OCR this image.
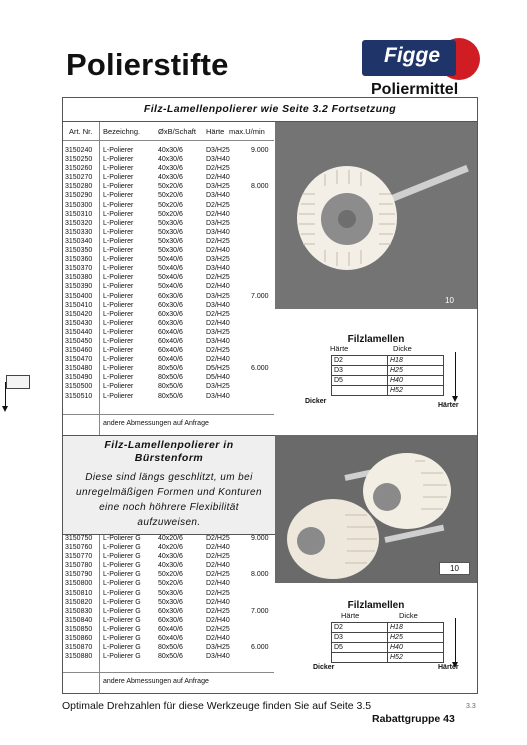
Polierstifte	Figge
Poliermittel
Filz-Lamellenpolierer wie Seite 3.2 Fortsetzung
Art. Nr. Bezeichng. ØxB/Schaft Härte max.U/min
3150240 L-Polierer	40x30/6	D3/H25	9.000
3150250 L-Polierer	40x30/6	D3/H40
3150260 L-Polierer	40x30/6	D2/H25
3150270 L-Polierer	40x30/6	D2/H40
3150280 L-Polierer	50x20/6	D3/H25	8.000
3150290 L-Polierer	50x20/6	D3/H40
3150300 L-Polierer	50x20/6	D2/H25
3150310 L-Polierer	50x20/6	D2/H40
3150320 L-Polierer	50x30/6	D3/H25
3150330 L-Polierer	50x30/6	D3/H40
3150340 L-Polierer	50x30/6	D2/H25
3150350 L-Polierer	50x30/6	D2/H40
3150360 L-Polierer	50x40/6	D3/H25
3150370 L-Polierer	50x40/6	D3/H40
3150380 L-Polierer	50x40/6	D2/H25
3150390 L-Polierer	50x40/6	D2/H40
3150400 L-Polierer	60x30/6	D3/H25	7.000
3150410 L-Polierer	60x30/6	D3/H40
3150420 L-Polierer	60x30/6	D2/H25
3150430 L-Polierer	60x30/6	D2/H40
3150440 L-Polierer	60x40/6	D3/H25
3150450 L-Polierer	60x40/6	D3/H40
3150460 L-Polierer	60x40/6	D2/H25
3150470 L-Polierer	60x40/6	D2/H40
3150480 L-Polierer	80x50/6	D5/H25	6.000
3150490 L-Polierer	80x50/6	D5/H40
3150500 L-Polierer	80x50/6	D3/H25
3150510 L-Polierer	80x50/6	D3/H40
andere Abmessungen auf Anfrage
10
Filzlamellen
Härte	Dicke
D2	H18
D3	H25
D5	H40
	H52
Dicker
Härter
Filz-Lamellenpolierer in
Bürstenform
Diese sind längs geschlitzt, um bei unregelmäßigen Formen und Konturen eine noch höhrere Flexibilität aufzuweisen.
10
Filzlamellen
Härte	Dicke
D2	H18
D3	H25
D5	H40
	H52
Dicker	Härter
3150750 L-Polierer G 40x20/6	D2/H25	9.000
3150760 L-Polierer G 40x20/6	D2/H40
3150770 L-Polierer G 40x30/6	D2/H25
3150780 L-Polierer G 40x30/6	D2/H40
3150790 L-Polierer G 50x20/6	D2/H25	8.000
3150800 L-Polierer G 50x20/6	D2/H40
3150810 L-Polierer G 50x30/6	D2/H25
3150820 L-Polierer G 50x30/6	D2/H40
3150830 L-Polierer G 60x30/6	D2/H25	7.000
3150840 L-Polierer G 60x30/6	D2/H40
3150850 L-Polierer G 60x40/6	D2/H25
3150860 L-Polierer G 60x40/6	D2/H40
3150870 L-Polierer G 80x50/6	D3/H25	6.000
3150880 L-Polierer G 80x50/6	D3/H40
andere Abmessungen auf Anfrage
Optimale Drehzahlen für diese Werkzeuge finden Sie auf Seite 3.5	3.3
Rabattgruppe 43
